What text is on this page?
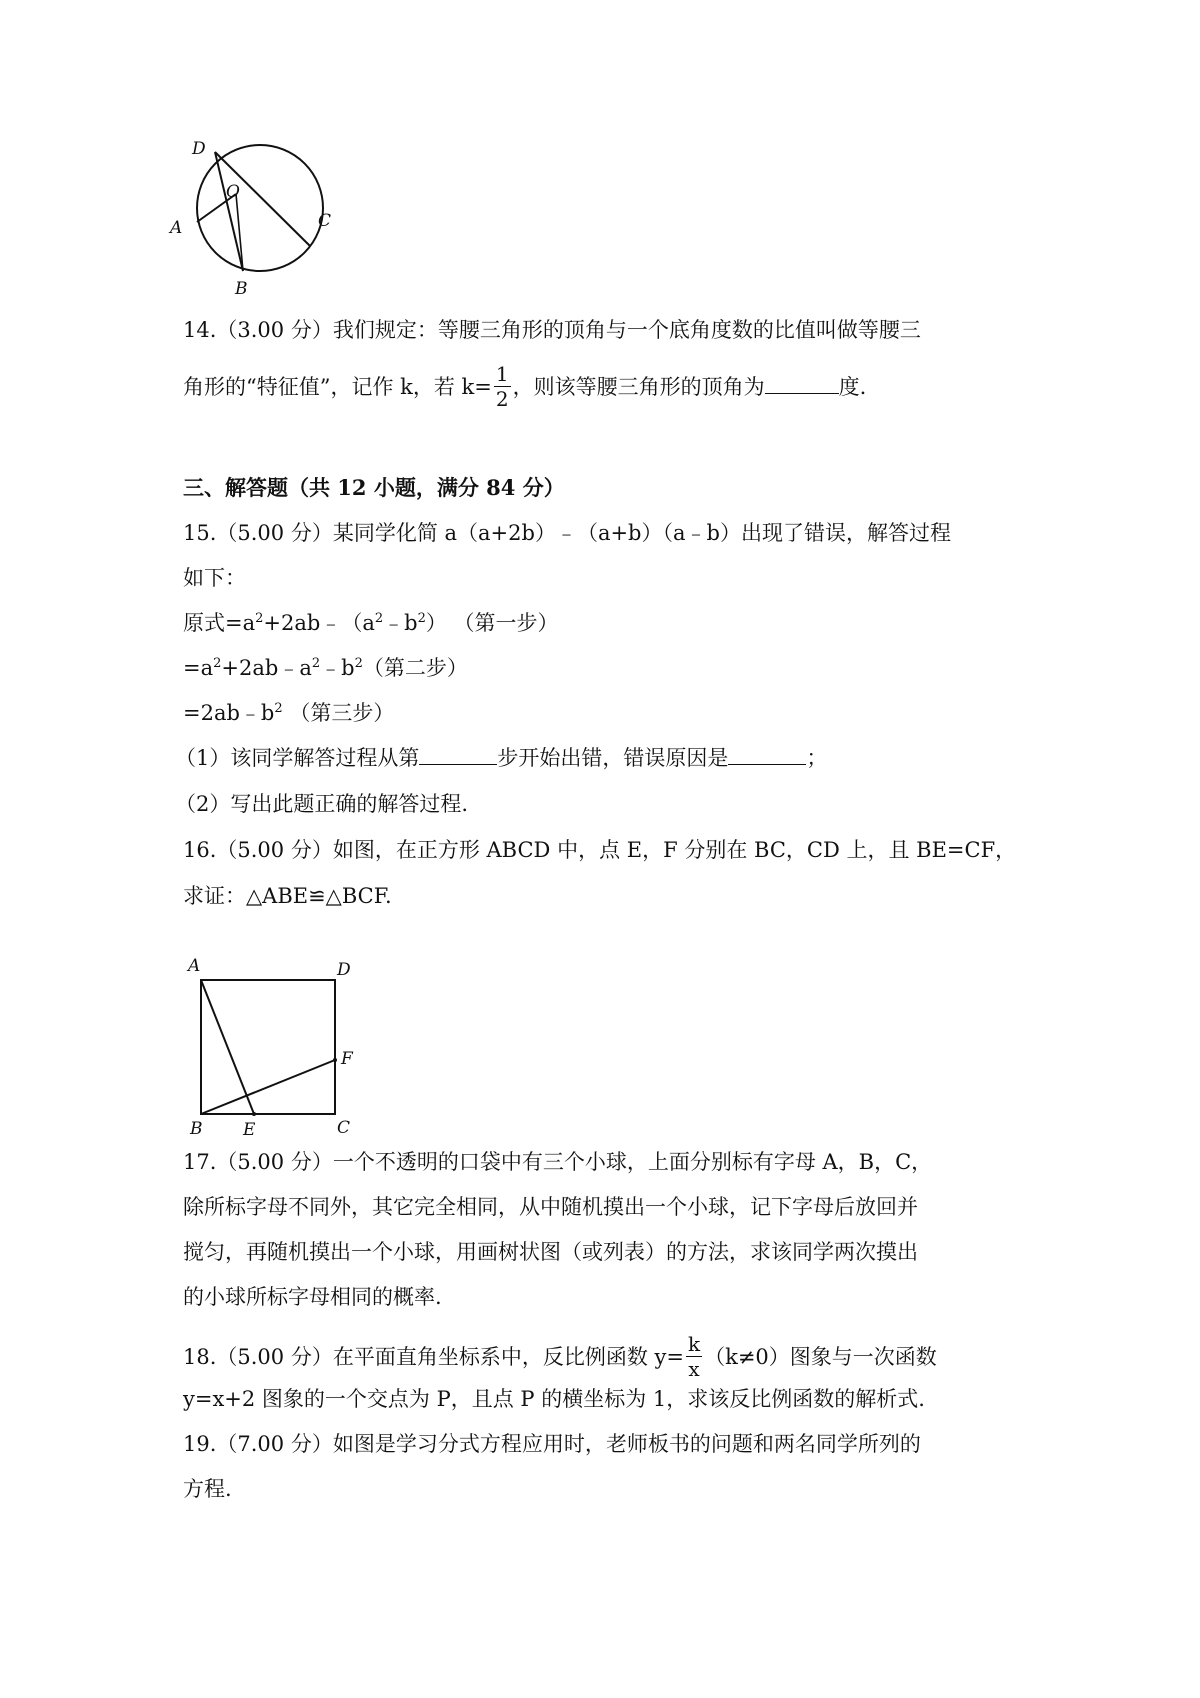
D
O
A	C
B
14.（3.00 分）我们规定：等腰三角形的顶角与一个底角度数的比值叫做等腰三
角形的“特征值”，记作 k，若 $k= \frac{1}{2}$ ，则该等腰三角形的顶角为	度.
三、解答题（共 12 小题，满分 84 分）
15.（5.00 分）某同学化简 a（a+2b）﹣（a+b）（a﹣b）出现了错误，解答过程
如下：
原式$=a^2+2ab﹣(a^2﹣b^2)$ （第一步）
$=a^2+2ab﹣a^2﹣b^2$（第二步）
$=2ab﹣b^2$ （第三步）
（1）该同学解答过程从第	步开始出错，错误原因是	；
（2）写出此题正确的解答过程.
16.（5.00 分）如图，在正方形 ABCD 中，点 E，F 分别在 BC，CD 上，且 BE=CF，
求证：△ABE≌△BCF.
A	D
F
B E	C
17.（5.00 分）一个不透明的口袋中有三个小球，上面分别标有字母 A，B，C，
除所标字母不同外，其它完全相同，从中随机摸出一个小球，记下字母后放回并
搅匀，再随机摸出一个小球，用画树状图（或列表）的方法，求该同学两次摸出
的小球所标字母相同的概率.
18.（5.00 分）在平面直角坐标系中，反比例函数 $y= \frac{k}{x} (k\ne 0)$图象与一次函数
y=x+2 图象的一个交点为 P，且点 P 的横坐标为 1，求该反比例函数的解析式.
19.（7.00 分）如图是学习分式方程应用时，老师板书的问题和两名同学所列的
方程.
